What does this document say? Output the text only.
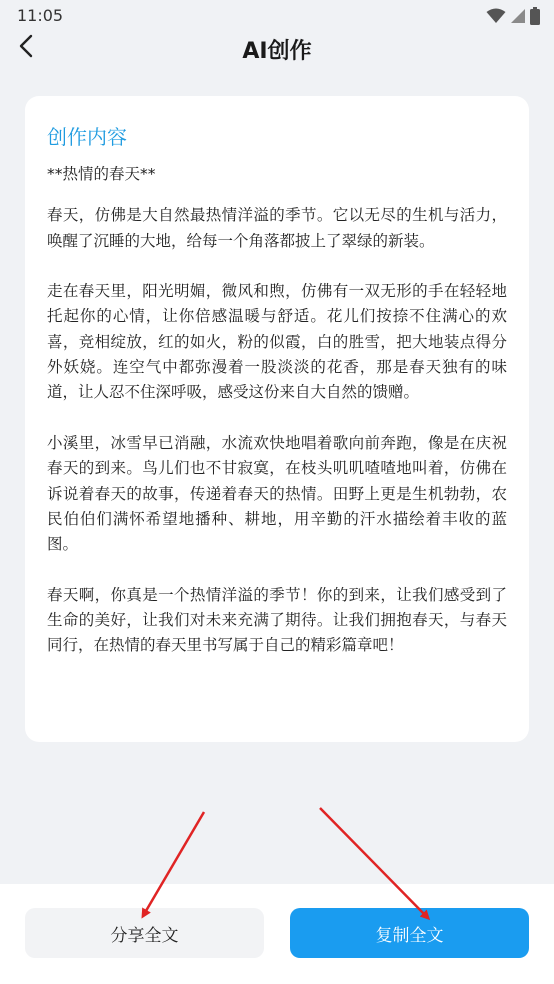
11:05
AI创作
创作内容

**热情的春天**

春天，仿佛是大自然最热情洋溢的季节。它以无尽的生机与活力，唤醒了沉睡的大地，给每一个角落都披上了翠绿的新装。

走在春天里，阳光明媚，微风和煦，仿佛有一双无形的手在轻轻地托起你的心情，让你倍感温暖与舒适。花儿们按捺不住满心的欢喜，竞相绽放，红的如火，粉的似霞，白的胜雪，把大地装点得分外妖娆。连空气中都弥漫着一股淡淡的花香，那是春天独有的味道，让人忍不住深呼吸，感受这份来自大自然的馈赠。

小溪里，冰雪早已消融，水流欢快地唱着歌向前奔跑，像是在庆祝春天的到来。鸟儿们也不甘寂寞，在枝头叽叽喳喳地叫着，仿佛在诉说着春天的故事，传递着春天的热情。田野上更是生机勃勃，农民伯伯们满怀希望地播种、耕地，用辛勤的汗水描绘着丰收的蓝图。

春天啊，你真是一个热情洋溢的季节！你的到来，让我们感受到了生命的美好，让我们对未来充满了期待。让我们拥抱春天，与春天同行，在热情的春天里书写属于自己的精彩篇章吧！

分享全文	复制全文
